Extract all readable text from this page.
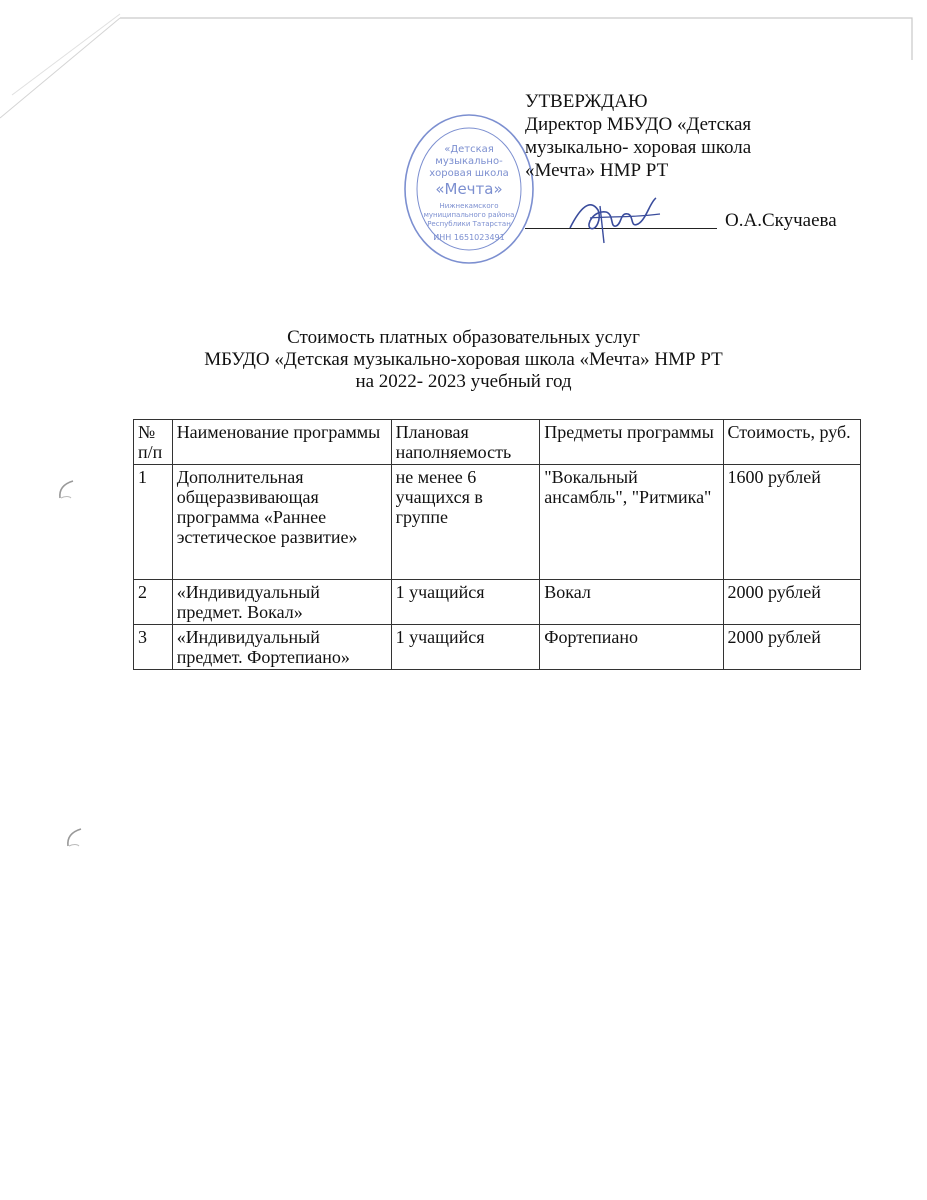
«Детская
музыкально-
хоровая школа
«Мечта»
Нижнекамского
муниципального района
Республики Татарстан
ИНН 1651023491
УТВЕРЖДАЮ
Директор МБУДО «Детская
музыкально- хоровая школа
«Мечта» НМР РТ
О.А.Скучаева
Стоимость платных образовательных услуг
МБУДО «Детская музыкально-хоровая школа «Мечта» НМР РТ
на 2022- 2023 учебный год
№ п/п	Наименование программы	Плановая наполняемость	Предметы программы	Стоимость, руб.
1	Дополнительная общеразвивающая программа «Раннее эстетическое развитие»	не менее 6 учащихся в группе	"Вокальный ансамбль", "Ритмика"	1600 рублей
2	«Индивидуальный предмет. Вокал»	1 учащийся	Вокал	2000 рублей
3	«Индивидуальный предмет. Фортепиано»	1 учащийся	Фортепиано	2000 рублей
